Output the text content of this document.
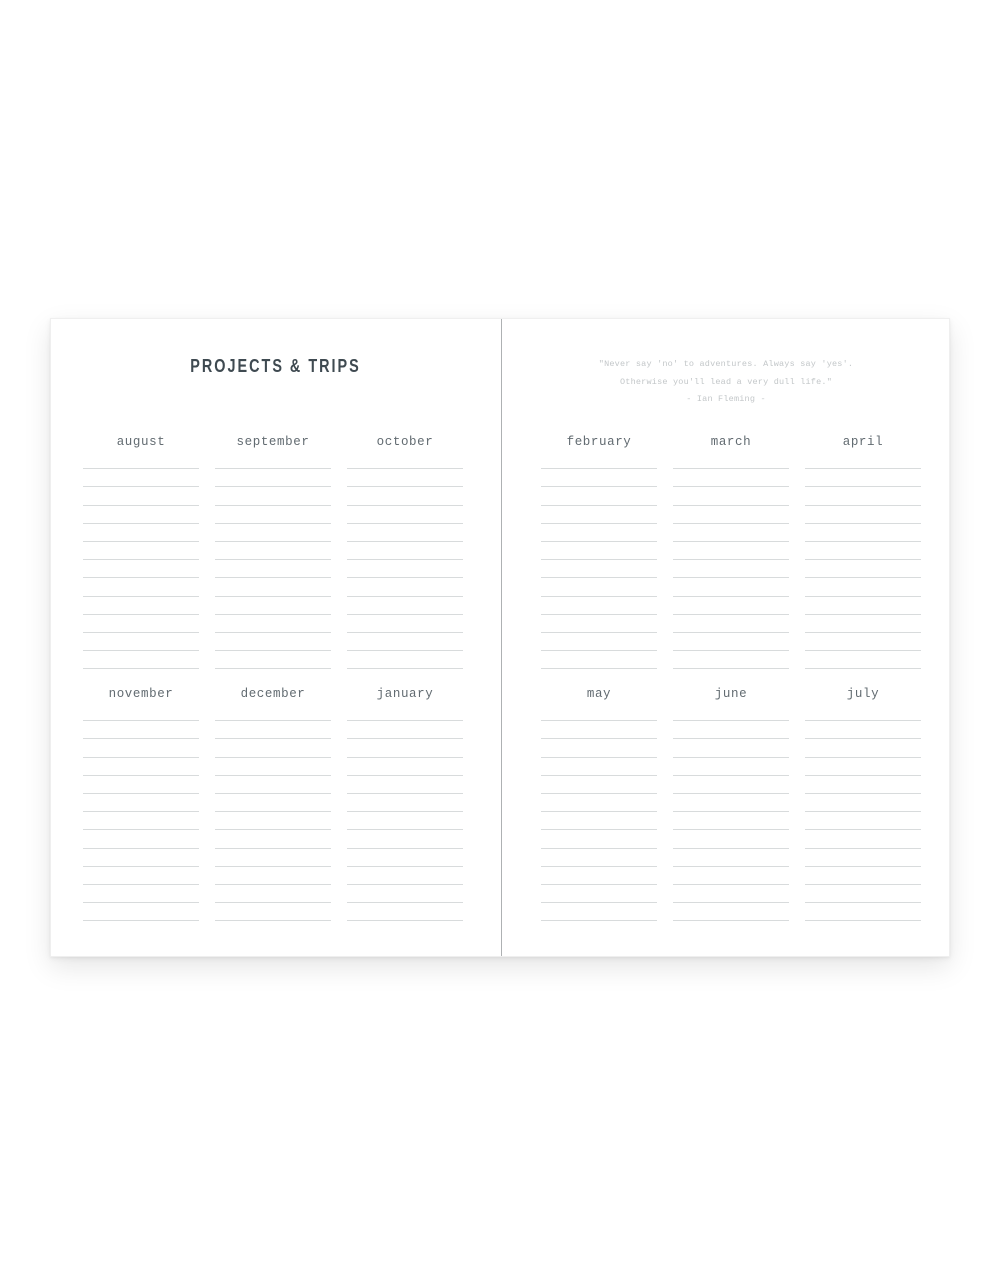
PROJECTS & TRIPS
august	september	october
november	december	january
"Never say 'no' to adventures. Always say 'yes'.
Otherwise you'll lead a very dull life."
- Ian Fleming -
february	march	april
may	june	july
